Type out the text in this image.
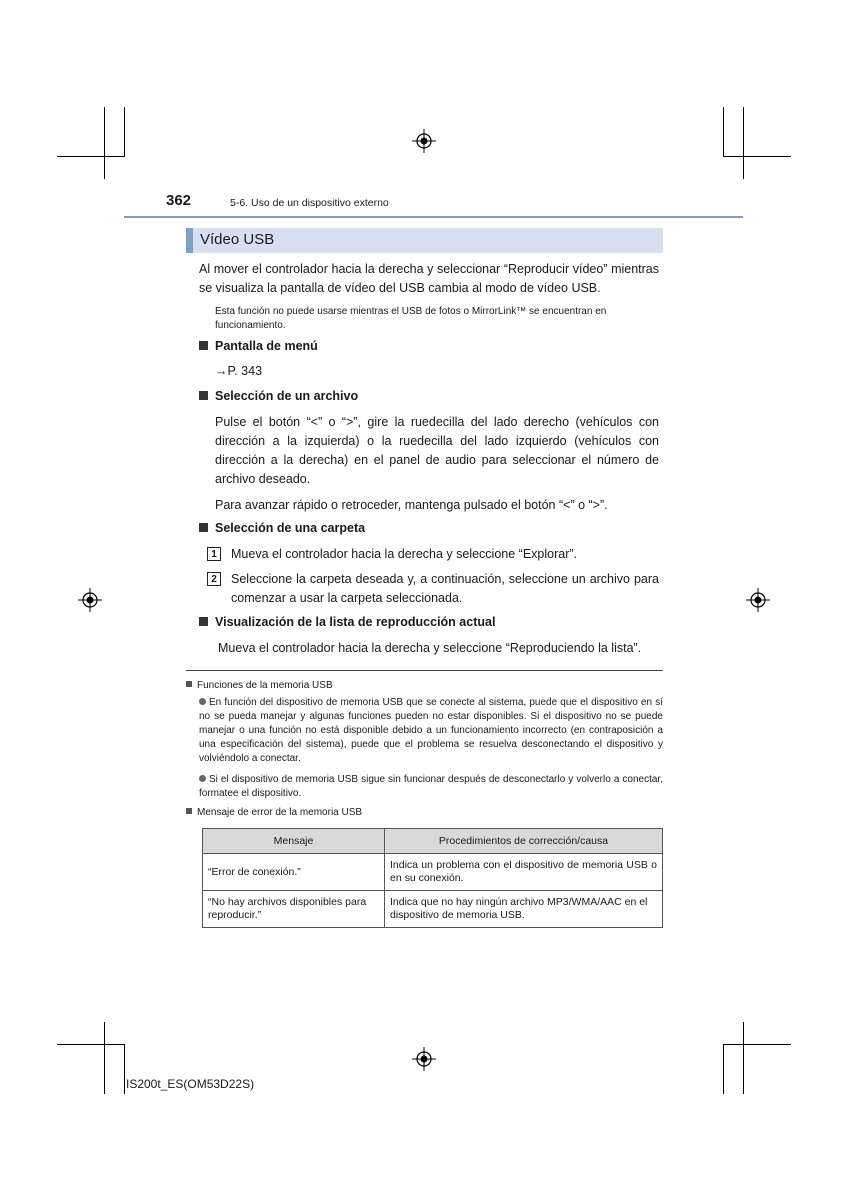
362	5-6. Uso de un dispositivo externo
Vídeo USB
Al mover el controlador hacia la derecha y seleccionar “Reproducir vídeo” mientras se visualiza la pantalla de vídeo del USB cambia al modo de vídeo USB.
Esta función no puede usarse mientras el USB de fotos o MirrorLink™ se encuentran en funcionamiento.
Pantalla de menú
→P. 343
Selección de un archivo
Pulse el botón “<” o “>”, gire la ruedecilla del lado derecho (vehículos con dirección a la izquierda) o la ruedecilla del lado izquierdo (vehículos con dirección a la derecha) en el panel de audio para seleccionar el número de archivo deseado.
Para avanzar rápido o retroceder, mantenga pulsado el botón “<” o “>”.
Selección de una carpeta
1	Mueva el controlador hacia la derecha y seleccione “Explorar”.
2	Seleccione la carpeta deseada y, a continuación, seleccione un archivo para comenzar a usar la carpeta seleccionada.
Visualización de la lista de reproducción actual
Mueva el controlador hacia la derecha y seleccione “Reproduciendo la lista”.
Funciones de la memoria USB
En función del dispositivo de memoria USB que se conecte al sistema, puede que el dispositivo en sí no se pueda manejar y algunas funciones pueden no estar disponibles. Si el dispositivo no se puede manejar o una función no está disponible debido a un funcionamiento incorrecto (en contraposición a una especificación del sistema), puede que el problema se resuelva desconectando el dispositivo y volviéndolo a conectar.
Si el dispositivo de memoria USB sigue sin funcionar después de desconectarlo y volverlo a conectar, formatee el dispositivo.
Mensaje de error de la memoria USB
Mensaje	Procedimientos de corrección/causa
“Error de conexión.”	Indica un problema con el dispositivo de memoria USB o en su conexión.
“No hay archivos disponibles para reproducir.”	Indica que no hay ningún archivo MP3/WMA/AAC en el dispositivo de memoria USB.
IS200t_ES(OM53D22S)
